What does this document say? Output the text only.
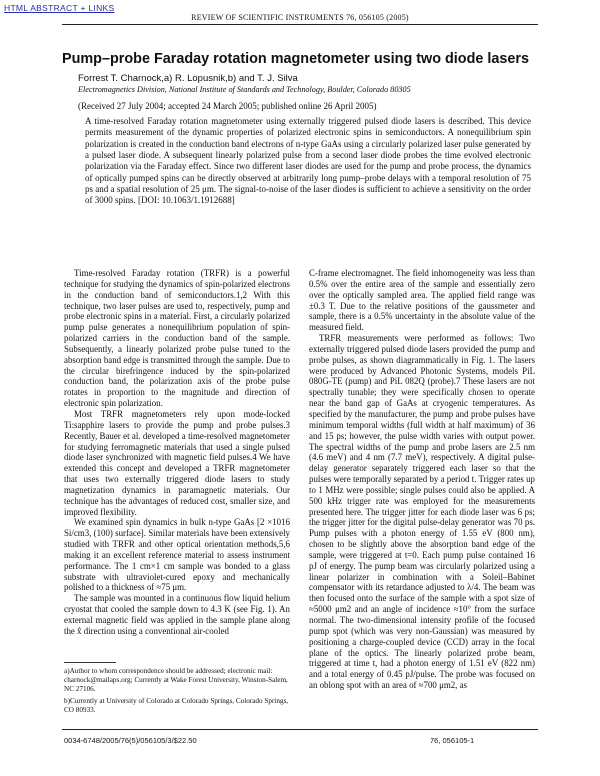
HTML ABSTRACT + LINKS
REVIEW OF SCIENTIFIC INSTRUMENTS 76, 056105 (2005)
Pump–probe Faraday rotation magnetometer using two diode lasers
Forrest T. Charnock,a) R. Lopusnik,b) and T. J. Silva
Electromagnetics Division, National Institute of Standards and Technology, Boulder, Colorado 80305
(Received 27 July 2004; accepted 24 March 2005; published online 26 April 2005)
A time-resolved Faraday rotation magnetometer using externally triggered pulsed diode lasers is described. This device permits measurement of the dynamic properties of polarized electronic spins in semiconductors. A nonequilibrium spin polarization is created in the conduction band electrons of n-type GaAs using a circularly polarized laser pulse generated by a pulsed laser diode. A subsequent linearly polarized pulse from a second laser diode probes the time evolved electronic polarization via the Faraday effect. Since two different laser diodes are used for the pump and probe process, the dynamics of optically pumped spins can be directly observed at arbitrarily long pump–probe delays with a temporal resolution of 75 ps and a spatial resolution of 25 μm. The signal-to-noise of the laser diodes is sufficient to achieve a sensitivity on the order of 3000 spins. [DOI: 10.1063/1.1912688]

Time-resolved Faraday rotation (TRFR) is a powerful technique for studying the dynamics of spin-polarized electrons in the conduction band of semiconductors.1,2 With this technique, two laser pulses are used to, respectively, pump and probe electronic spins in a material. First, a circularly polarized pump pulse generates a nonequilibrium population of spin-polarized carriers in the conduction band of the sample. Subsequently, a linearly polarized probe pulse tuned to the absorption band edge is transmitted through the sample. Due to the circular birefringence induced by the spin-polarized conduction band, the polarization axis of the probe pulse rotates in proportion to the magnitude and direction of electronic spin polarization.

Most TRFR magnetometers rely upon mode-locked Ti:sapphire lasers to provide the pump and probe pulses.3 Recently, Bauer et al. developed a time-resolved magnetometer for studying ferromagnetic materials that used a single pulsed diode laser synchronized with magnetic field pulses.4 We have extended this concept and developed a TRFR magnetometer that uses two externally triggered diode lasers to study magnetization dynamics in paramagnetic materials. Our technique has the advantages of reduced cost, smaller size, and improved flexibility.

We examined spin dynamics in bulk n-type GaAs [2 ×1016 Si/cm3, (100) surface]. Similar materials have been extensively studied with TRFR and other optical orientation methods,5,6 making it an excellent reference material to assess instrument performance. The 1 cm×1 cm sample was bonded to a glass substrate with ultraviolet-cured epoxy and mechanically polished to a thickness of ≈75 μm.

The sample was mounted in a continuous flow liquid helium cryostat that cooled the sample down to 4.3 K (see Fig. 1). An external magnetic field was applied in the sample plane along the x̂ direction using a conventional air-cooled

C-frame electromagnet. The field inhomogeneity was less than 0.5% over the entire area of the sample and essentially zero over the optically sampled area. The applied field range was ±0.3 T. Due to the relative positions of the gaussmeter and sample, there is a 0.5% uncertainty in the absolute value of the measured field.

TRFR measurements were performed as follows: Two externally triggered pulsed diode lasers provided the pump and probe pulses, as shown diagrammatically in Fig. 1. The lasers were produced by Advanced Photonic Systems, models PiL 080G-TE (pump) and PiL 082Q (probe).7 These lasers are not spectrally tunable; they were specifically chosen to operate near the band gap of GaAs at cryogenic temperatures. As specified by the manufacturer, the pump and probe pulses have minimum temporal widths (full width at half maximum) of 36 and 15 ps; however, the pulse width varies with output power. The spectral widths of the pump and probe lasers are 2.5 nm (4.6 meV) and 4 nm (7.7 meV), respectively. A digital pulse-delay generator separately triggered each laser so that the pulses were temporally separated by a period t. Trigger rates up to 1 MHz were possible; single pulses could also be applied. A 500 kHz trigger rate was employed for the measurements presented here. The trigger jitter for each diode laser was 6 ps; the trigger jitter for the digital pulse-delay generator was 70 ps. Pump pulses with a photon energy of 1.55 eV (800 nm), chosen to be slightly above the absorption band edge of the sample, were triggered at t=0. Each pump pulse contained 16 pJ of energy. The pump beam was circularly polarized using a linear polarizer in combination with a Soleil–Babinet compensator with its retardance adjusted to λ/4. The beam was then focused onto the surface of the sample with a spot size of ≈5000 μm2 and an angle of incidence ≈10° from the surface normal. The two-dimensional intensity profile of the focused pump spot (which was very non-Gaussian) was measured by positioning a charge-coupled device (CCD) array in the focal plane of the optics. The linearly polarized probe beam, triggered at time t, had a photon energy of 1.51 eV (822 nm) and a total energy of 0.45 pJ/pulse. The probe was focused on an oblong spot with an area of ≈700 μm2, as

a)Author to whom correspondence should be addressed; electronic mail: charnock@mailaps.org; Currently at Wake Forest University, Winston-Salem, NC 27106.
b)Currently at University of Colorado at Colorado Springs, Colorado Springs, CO 80933.
0034-6748/2005/76(5)/056105/3/$22.50	76, 056105-1
